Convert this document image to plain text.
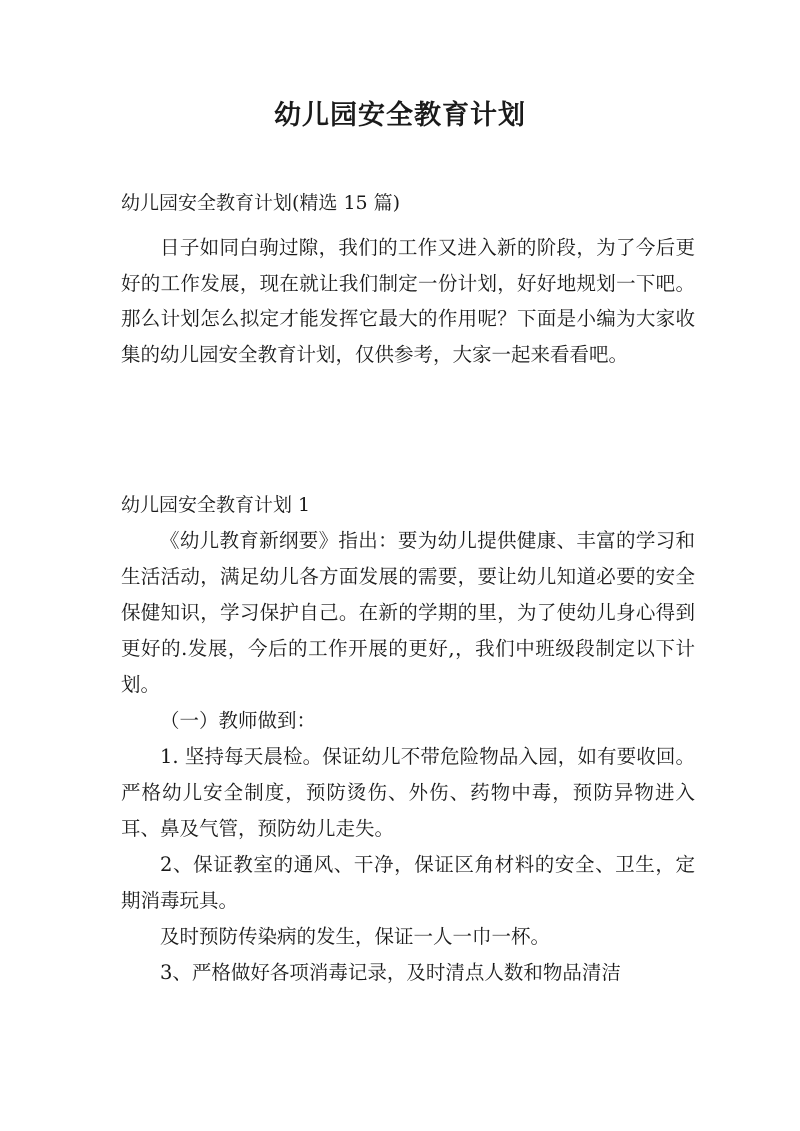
幼儿园安全教育计划
幼儿园安全教育计划(精选 15 篇)

日子如同白驹过隙，我们的工作又进入新的阶段，为了今后更好的工作发展，现在就让我们制定一份计划，好好地规划一下吧。那么计划怎么拟定才能发挥它最大的作用呢？下面是小编为大家收集的幼儿园安全教育计划，仅供参考，大家一起来看看吧。

幼儿园安全教育计划 1

《幼儿教育新纲要》指出：要为幼儿提供健康、丰富的学习和生活活动，满足幼儿各方面发展的需要，要让幼儿知道必要的安全保健知识，学习保护自己。在新的学期的里，为了使幼儿身心得到更好的.发展，今后的工作开展的更好,，我们中班级段制定以下计划。

（一）教师做到：

1. 坚持每天晨检。保证幼儿不带危险物品入园，如有要收回。严格幼儿安全制度，预防烫伤、外伤、药物中毒，预防异物进入耳、鼻及气管，预防幼儿走失。

2、保证教室的通风、干净，保证区角材料的安全、卫生，定期消毒玩具。

及时预防传染病的发生，保证一人一巾一杯。

3、严格做好各项消毒记录，及时清点人数和物品清洁
